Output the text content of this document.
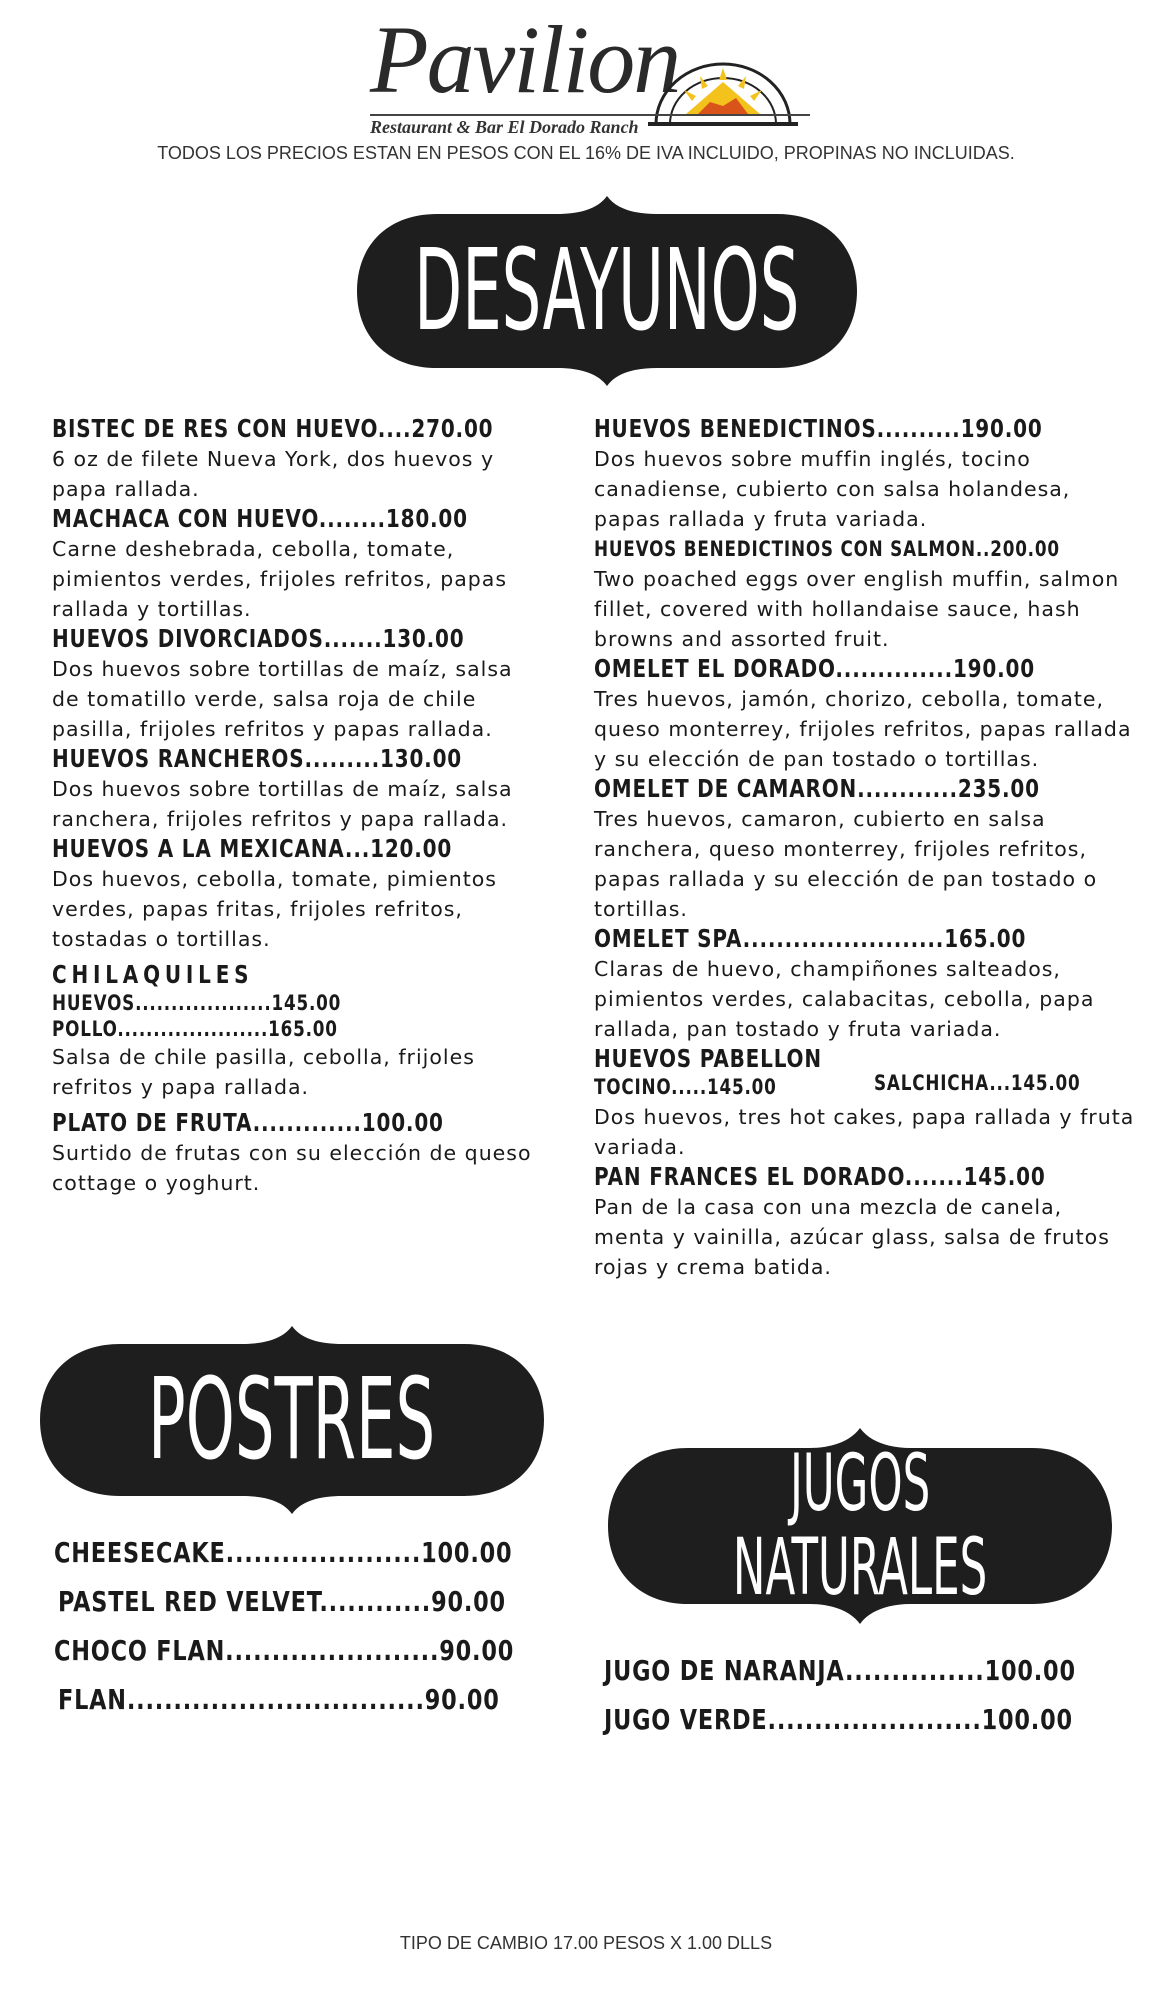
Pavilion
Restaurant & Bar El Dorado Ranch
TODOS LOS PRECIOS ESTAN EN PESOS CON EL 16% DE IVA INCLUIDO, PROPINAS NO INCLUIDAS.
DESAYUNOS
BISTEC DE RES CON HUEVO....270.00
6 oz de filete Nueva York, dos huevos y papa rallada.
MACHACA CON HUEVO........180.00
Carne deshebrada, cebolla, tomate, pimientos verdes, frijoles refritos, papas rallada y tortillas.
HUEVOS DIVORCIADOS.......130.00
Dos huevos sobre tortillas de maíz, salsa de tomatillo verde, salsa roja de chile pasilla, frijoles refritos y papas rallada.
HUEVOS RANCHEROS.........130.00
Dos huevos sobre tortillas de maíz, salsa ranchera, frijoles refritos y papa rallada.
HUEVOS A LA MEXICANA...120.00
Dos huevos, cebolla, tomate, pimientos verdes, papas fritas, frijoles refritos, tostadas o tortillas.
CHILAQUILES
HUEVOS...................145.00
POLLO.....................165.00
Salsa de chile pasilla, cebolla, frijoles refritos y papa rallada.
PLATO DE FRUTA.............100.00
Surtido de frutas con su elección de queso cottage o yoghurt.
HUEVOS BENEDICTINOS..........190.00
Dos huevos sobre muffin inglés, tocino canadiense, cubierto con salsa holandesa, papas rallada y fruta variada.
HUEVOS BENEDICTINOS CON SALMON..200.00
Two poached eggs over english muffin, salmon fillet, covered with hollandaise sauce, hash browns and assorted fruit.
OMELET EL DORADO..............190.00
Tres huevos, jamón, chorizo, cebolla, tomate, queso monterrey, frijoles refritos, papas rallada y su elección de pan tostado o tortillas.
OMELET DE CAMARON............235.00
Tres huevos, camaron, cubierto en salsa ranchera, queso monterrey, frijoles refritos, papas rallada y su elección de pan tostado o tortillas.
OMELET SPA........................165.00
Claras de huevo, champiñones salteados, pimientos verdes, calabacitas, cebolla, papa rallada, pan tostado y fruta variada.
HUEVOS PABELLON
TOCINO.....145.00	SALCHICHA...145.00
Dos huevos, tres hot cakes, papa rallada y fruta variada.
PAN FRANCES EL DORADO.......145.00
Pan de la casa con una mezcla de canela, menta y vainilla, azúcar glass, salsa de frutos rojas y crema batida.
POSTRES
CHEESECAKE.....................100.00
PASTEL RED VELVET............90.00
CHOCO FLAN.......................90.00
FLAN................................90.00
JUGOS
NATURALES
JUGO DE NARANJA...............100.00
JUGO VERDE.......................100.00
TIPO DE CAMBIO 17.00 PESOS X 1.00 DLLS
